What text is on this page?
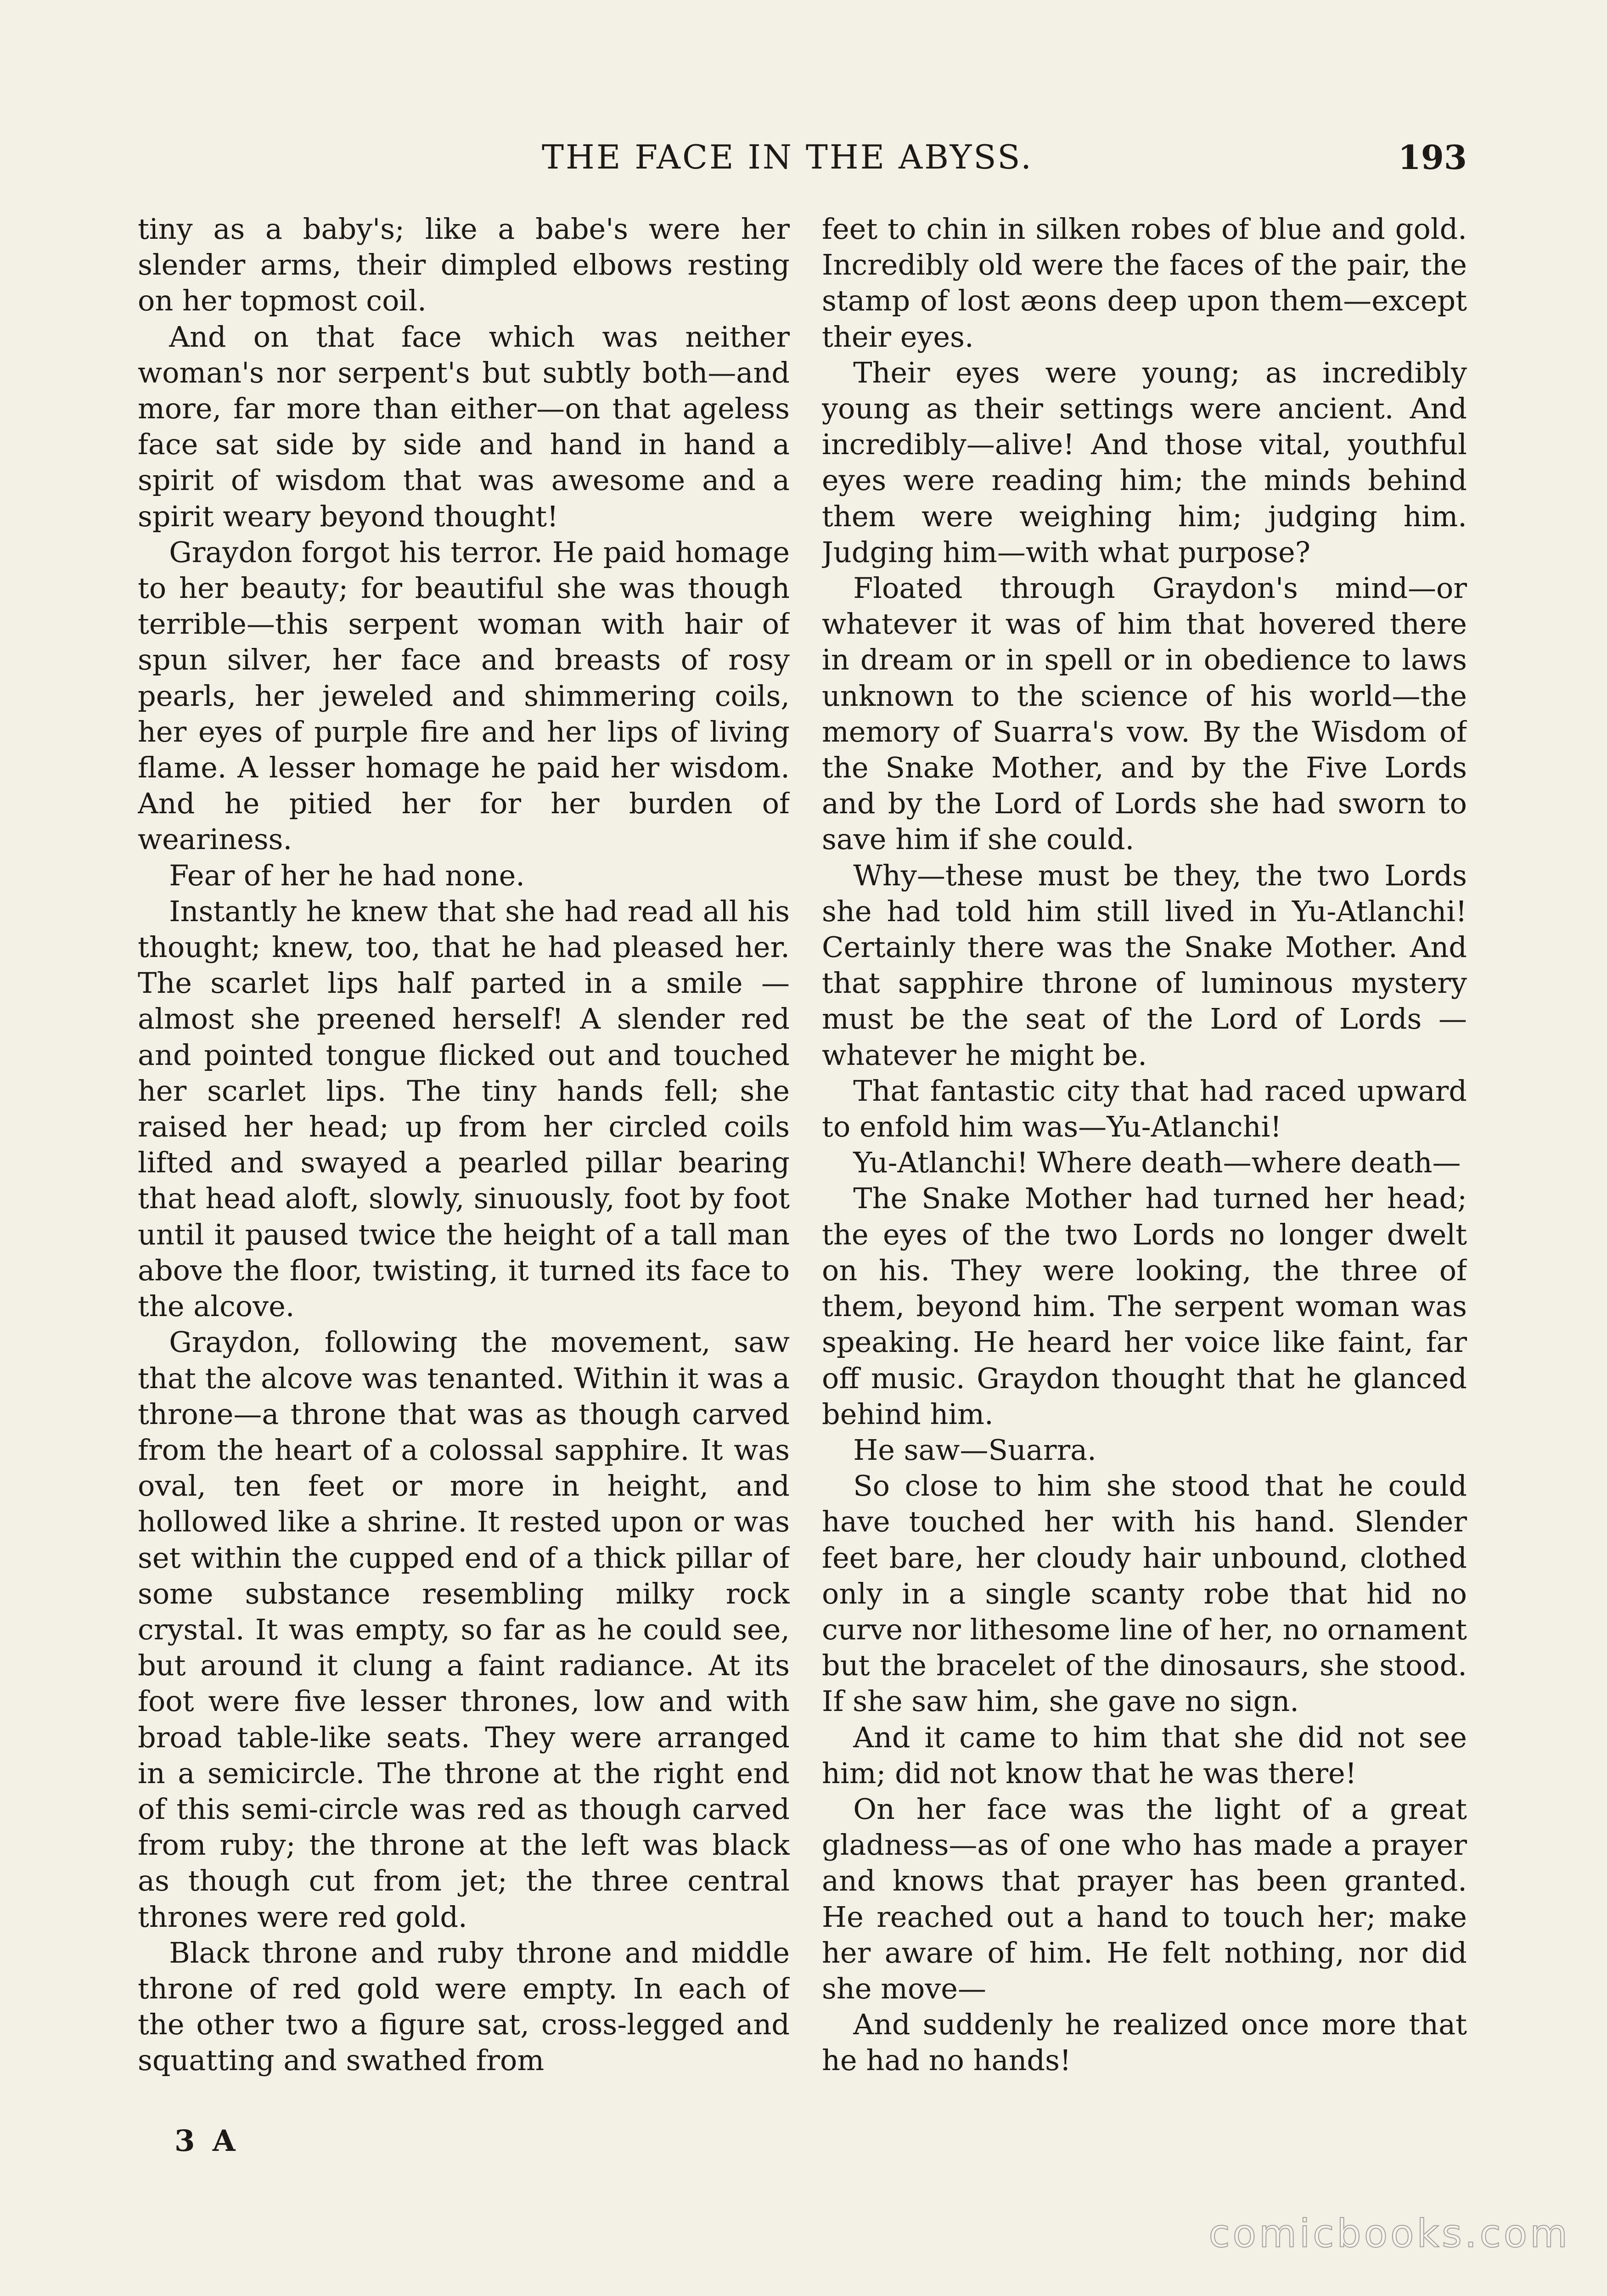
THE FACE IN THE ABYSS.	193

tiny as a baby's; like a babe's were her slender arms, their dimpled elbows resting on her topmost coil.

And on that face which was neither woman's nor serpent's but subtly both—and more, far more than either—on that ageless face sat side by side and hand in hand a spirit of wisdom that was awesome and a spirit weary beyond thought!

Graydon forgot his terror. He paid homage to her beauty; for beautiful she was though terrible—this serpent woman with hair of spun silver, her face and breasts of rosy pearls, her jeweled and shimmering coils, her eyes of purple fire and her lips of living flame. A lesser homage he paid her wisdom. And he pitied her for her burden of weariness.

Fear of her he had none.

Instantly he knew that she had read all his thought; knew, too, that he had pleased her. The scarlet lips half parted in a smile —almost she preened herself! A slender red and pointed tongue flicked out and touched her scarlet lips. The tiny hands fell; she raised her head; up from her circled coils lifted and swayed a pearled pillar bearing that head aloft, slowly, sinuously, foot by foot until it paused twice the height of a tall man above the floor, twisting, it turned its face to the alcove.

Graydon, following the movement, saw that the alcove was tenanted. Within it was a throne—a throne that was as though carved from the heart of a colossal sapphire. It was oval, ten feet or more in height, and hollowed like a shrine. It rested upon or was set within the cupped end of a thick pillar of some substance resembling milky rock crystal. It was empty, so far as he could see, but around it clung a faint radiance. At its foot were five lesser thrones, low and with broad table-like seats. They were arranged in a semicircle. The throne at the right end of this semi-circle was red as though carved from ruby; the throne at the left was black as though cut from jet; the three central thrones were red gold.

Black throne and ruby throne and middle throne of red gold were empty. In each of the other two a figure sat, cross-legged and squatting and swathed from

feet to chin in silken robes of blue and gold. Incredibly old were the faces of the pair, the stamp of lost æons deep upon them—except their eyes.

Their eyes were young; as incredibly young as their settings were ancient. And incredibly—alive! And those vital, youthful eyes were reading him; the minds behind them were weighing him; judging him. Judging him—with what purpose?

Floated through Graydon's mind—or whatever it was of him that hovered there in dream or in spell or in obedience to laws unknown to the science of his world—the memory of Suarra's vow. By the Wisdom of the Snake Mother, and by the Five Lords and by the Lord of Lords she had sworn to save him if she could.

Why—these must be they, the two Lords she had told him still lived in Yu-Atlanchi! Certainly there was the Snake Mother. And that sapphire throne of luminous mystery must be the seat of the Lord of Lords —whatever he might be.

That fantastic city that had raced upward to enfold him was—Yu-Atlanchi!

Yu-Atlanchi! Where death—where death—

The Snake Mother had turned her head; the eyes of the two Lords no longer dwelt on his. They were looking, the three of them, beyond him. The serpent woman was speaking. He heard her voice like faint, far off music. Graydon thought that he glanced behind him.

He saw—Suarra.

So close to him she stood that he could have touched her with his hand. Slender feet bare, her cloudy hair unbound, clothed only in a single scanty robe that hid no curve nor lithesome line of her, no ornament but the bracelet of the dinosaurs, she stood. If she saw him, she gave no sign.

And it came to him that she did not see him; did not know that he was there!

On her face was the light of a great gladness—as of one who has made a prayer and knows that prayer has been granted. He reached out a hand to touch her; make her aware of him. He felt nothing, nor did she move—

And suddenly he realized once more that he had no hands!

3 A
comicbooks.com
